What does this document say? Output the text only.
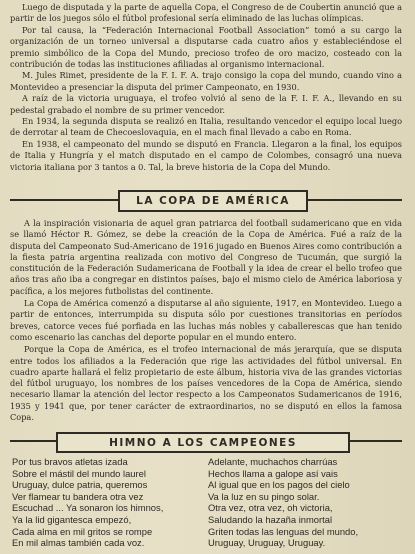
Luego de disputada y la parte de aquella Copa, el Congreso de de Coubertin anunció que a partir de los juegos sólo el fútbol profesional sería eliminado de las luchas olímpicas.

Por tal causa, la “Federación Internacional Football Association” tomó a su cargo la organización de un torneo universal a disputarse cada cuatro años y estableciéndose el premio simbólico de la Copa del Mundo, precioso trofeo de oro macizo, costeado con la contribución de todas las instituciones afiliadas al organismo internacional.

M. Jules Rimet, presidente de la F. I. F. A. trajo consigo la copa del mundo, cuando vino a Montevideo a presenciar la disputa del primer Campeonato, en 1930.

A raíz de la victoria uruguaya, el trofeo volvió al seno de la F. I. F. A., llevando en su pedestal grabado el nombre de su primer vencedor.

En 1934, la segunda disputa se realizó en Italia, resultando vencedor el equipo local luego de derrotar al team de Checoeslovaquia, en el mach final llevado a cabo en Roma.

En 1938, el campeonato del mundo se disputó en Francia. Llegaron a la final, los equipos de Italia y Hungría y el match disputado en el campo de Colombes, consagró una nueva victoria italiana por 3 tantos a 0. Tal, la breve historia de la Copa del Mundo.

LA COPA DE AMÉRICA

A la inspiración visionaria de aquel gran patriarca del football sudamericano que en vida se llamó Héctor R. Gómez, se debe la creación de la Copa de América. Fué a raíz de la disputa del Campeonato Sud-Americano de 1916 jugado en Buenos Aires como contribución a la fiesta patria argentina realizada con motivo del Congreso de Tucumán, que surgió la constitución de la Federación Sudamericana de Football y la idea de crear el bello trofeo que años tras año iba a congregar en distintos países, bajo el mismo cielo de América laboriosa y pacífica, a los mejores futbolistas del continente.

La Copa de América comenzó a disputarse al año siguiente, 1917, en Montevideo. Luego a partir de entonces, interrumpida su disputa sólo por cuestiones transitorias en períodos breves, catorce veces fué porfiada en las luchas más nobles y caballerescas que han tenido como escenario las canchas del deporte popular en el mundo entero.

Porque la Copa de América, es el trofeo internacional de más jerarquía, que se disputa entre todos los afiliados a la Federación que rige las actividades del fútbol universal. En cuadro aparte hallará el feliz propietario de este álbum, historia viva de las grandes victorias del fútbol uruguayo, los nombres de los países vencedores de la Copa de América, siendo necesario llamar la atención del lector respecto a los Campeonatos Sudamericanos de 1916, 1935 y 1941 que, por tener carácter de extraordinarios, no se disputó en ellos la famosa Copa.

HIMNO A LOS CAMPEONES
Por tus bravos atletas izada
Sobre el mástil del mundo laurel
Uruguay, dulce patria, queremos
Ver flamear tu bandera otra vez
Escuchad ... Ya sonaron los himnos,
Ya la lid gigantesca empezó,
Cada alma en mil gritos se rompe
En mil almas también cada voz.
Adelante, muchachos charrúas
Hechos llama a galope así vais
Al igual que en los pagos del cielo
Va la luz en su pingo solar.
Otra vez, otra vez, oh victoria,
Saludando la hazaña inmortal
Griten todas las lenguas del mundo,
Uruguay, Uruguay, Uruguay.
